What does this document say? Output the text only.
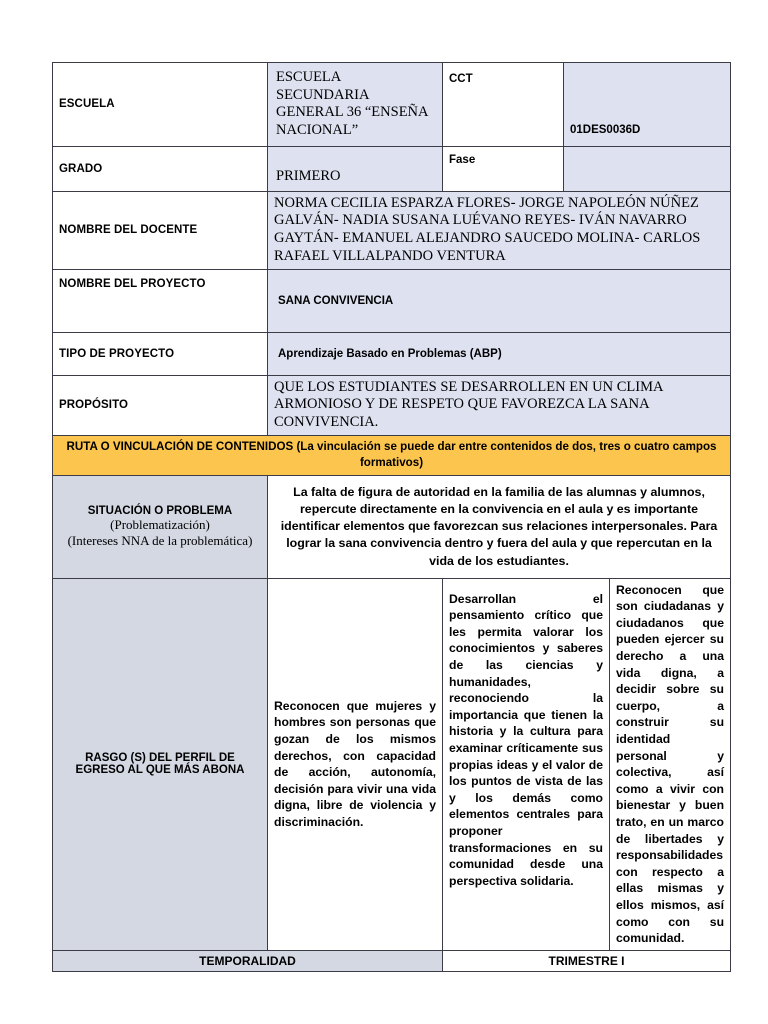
ESCUELA	ESCUELA SECUNDARIA GENERAL 36 “ENSEÑA NACIONAL”	CCT	01DES0036D	
GRADO	PRIMERO	Fase		
NOMBRE DEL DOCENTE	NORMA CECILIA ESPARZA FLORES- JORGE NAPOLEÓN NÚÑEZ GALVÁN- NADIA SUSANA LUÉVANO REYES- IVÁN NAVARRO GAYTÁN- EMANUEL ALEJANDRO SAUCEDO MOLINA- CARLOS RAFAEL VILLALPANDO VENTURA			
NOMBRE DEL PROYECTO	SANA CONVIVENCIA			
TIPO DE PROYECTO	Aprendizaje Basado en Problemas (ABP)			
PROPÓSITO	QUE LOS ESTUDIANTES SE DESARROLLEN EN UN CLIMA ARMONIOSO Y DE RESPETO QUE FAVOREZCA LA SANA CONVIVENCIA.			
RUTA O VINCULACIÓN DE CONTENIDOS (La vinculación se puede dar entre contenidos de dos, tres o cuatro campos formativos)				

SITUACIÓN O PROBLEMA
(Problematización)
(Intereses NNA de la problemática)
	La falta de figura de autoridad en la familia de las alumnas y alumnos, repercute directamente en la convivencia en el aula y es importante identificar elementos que favorezcan sus relaciones interpersonales. Para lograr la sana convivencia dentro y fuera del aula y que repercutan en la vida de los estudiantes.
RASGO (S) DEL PERFIL DE EGRESO AL QUE MÁS ABONA	Reconocen que mujeres y hombres son personas que gozan de los mismos derechos, con capacidad de acción, autonomía, decisión para vivir una vida digna, libre de violencia y discriminación.	Desarrollan el pensamiento crítico que les permita valorar los conocimientos y saberes de las ciencias y humanidades, reconociendo la importancia que tienen la historia y la cultura para examinar críticamente sus propias ideas y el valor de los puntos de vista de las y los demás como elementos centrales para proponer transformaciones en su comunidad desde una perspectiva solidaria.	Reconocen que son ciudadanas y ciudadanos que pueden ejercer su derecho a una vida digna, a decidir sobre su cuerpo, a construir su identidad personal y colectiva, así como a vivir con bienestar y buen trato, en un marco de libertades y responsabilidades con respecto a ellas mismas y ellos mismos, así como con su comunidad.
TEMPORALIDAD		TRIMESTRE I		
